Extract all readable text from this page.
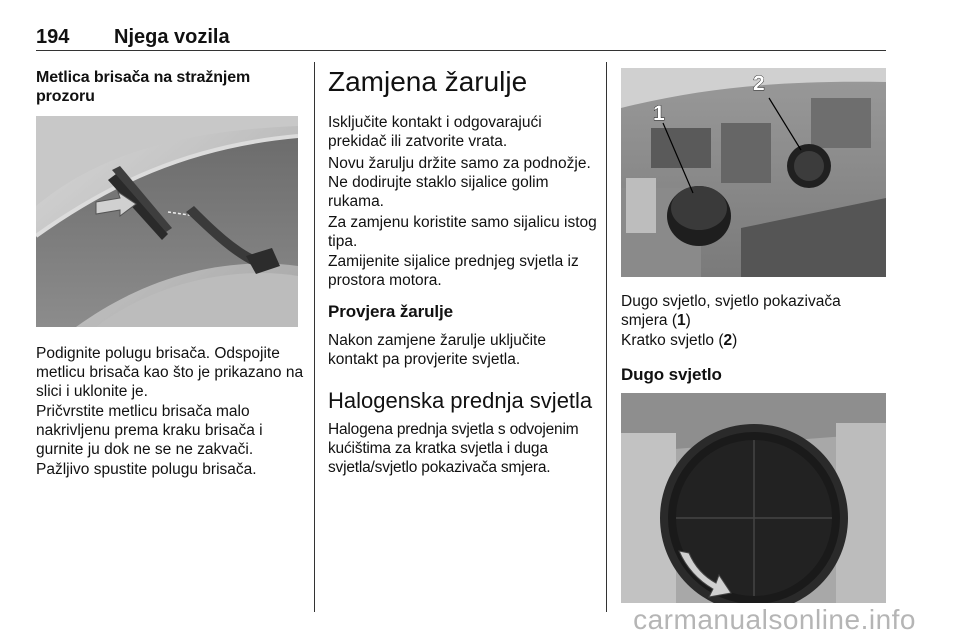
194 Njega vozila
Metlica brisača na stražnjem prozoru
Podignite polugu brisača. Odspojite metlicu brisača kao što je prikazano na slici i uklonite je.
Pričvrstite metlicu brisača malo nakrivljenu prema kraku brisača i gurnite ju dok ne se ne zakvači.
Pažljivo spustite polugu brisača.
Zamjena žarulje
Isključite kontakt i odgovarajući prekidač ili zatvorite vrata.
Novu žarulju držite samo za podnožje. Ne dodirujte staklo sijalice golim rukama.
Za zamjenu koristite samo sijalicu istog tipa.
Zamijenite sijalice prednjeg svjetla iz prostora motora.
Provjera žarulje
Nakon zamjene žarulje uključite kontakt pa provjerite svjetla.
Halogenska prednja svjetla
Halogena prednja svjetla s odvojenim kućištima za kratka svjetla i duga svjetla/svjetlo pokazivača smjera.
1
2
Dugo svjetlo, svjetlo pokazivača smjera (1)
Kratko svjetlo (2)
Dugo svjetlo
carmanualsonline.info
